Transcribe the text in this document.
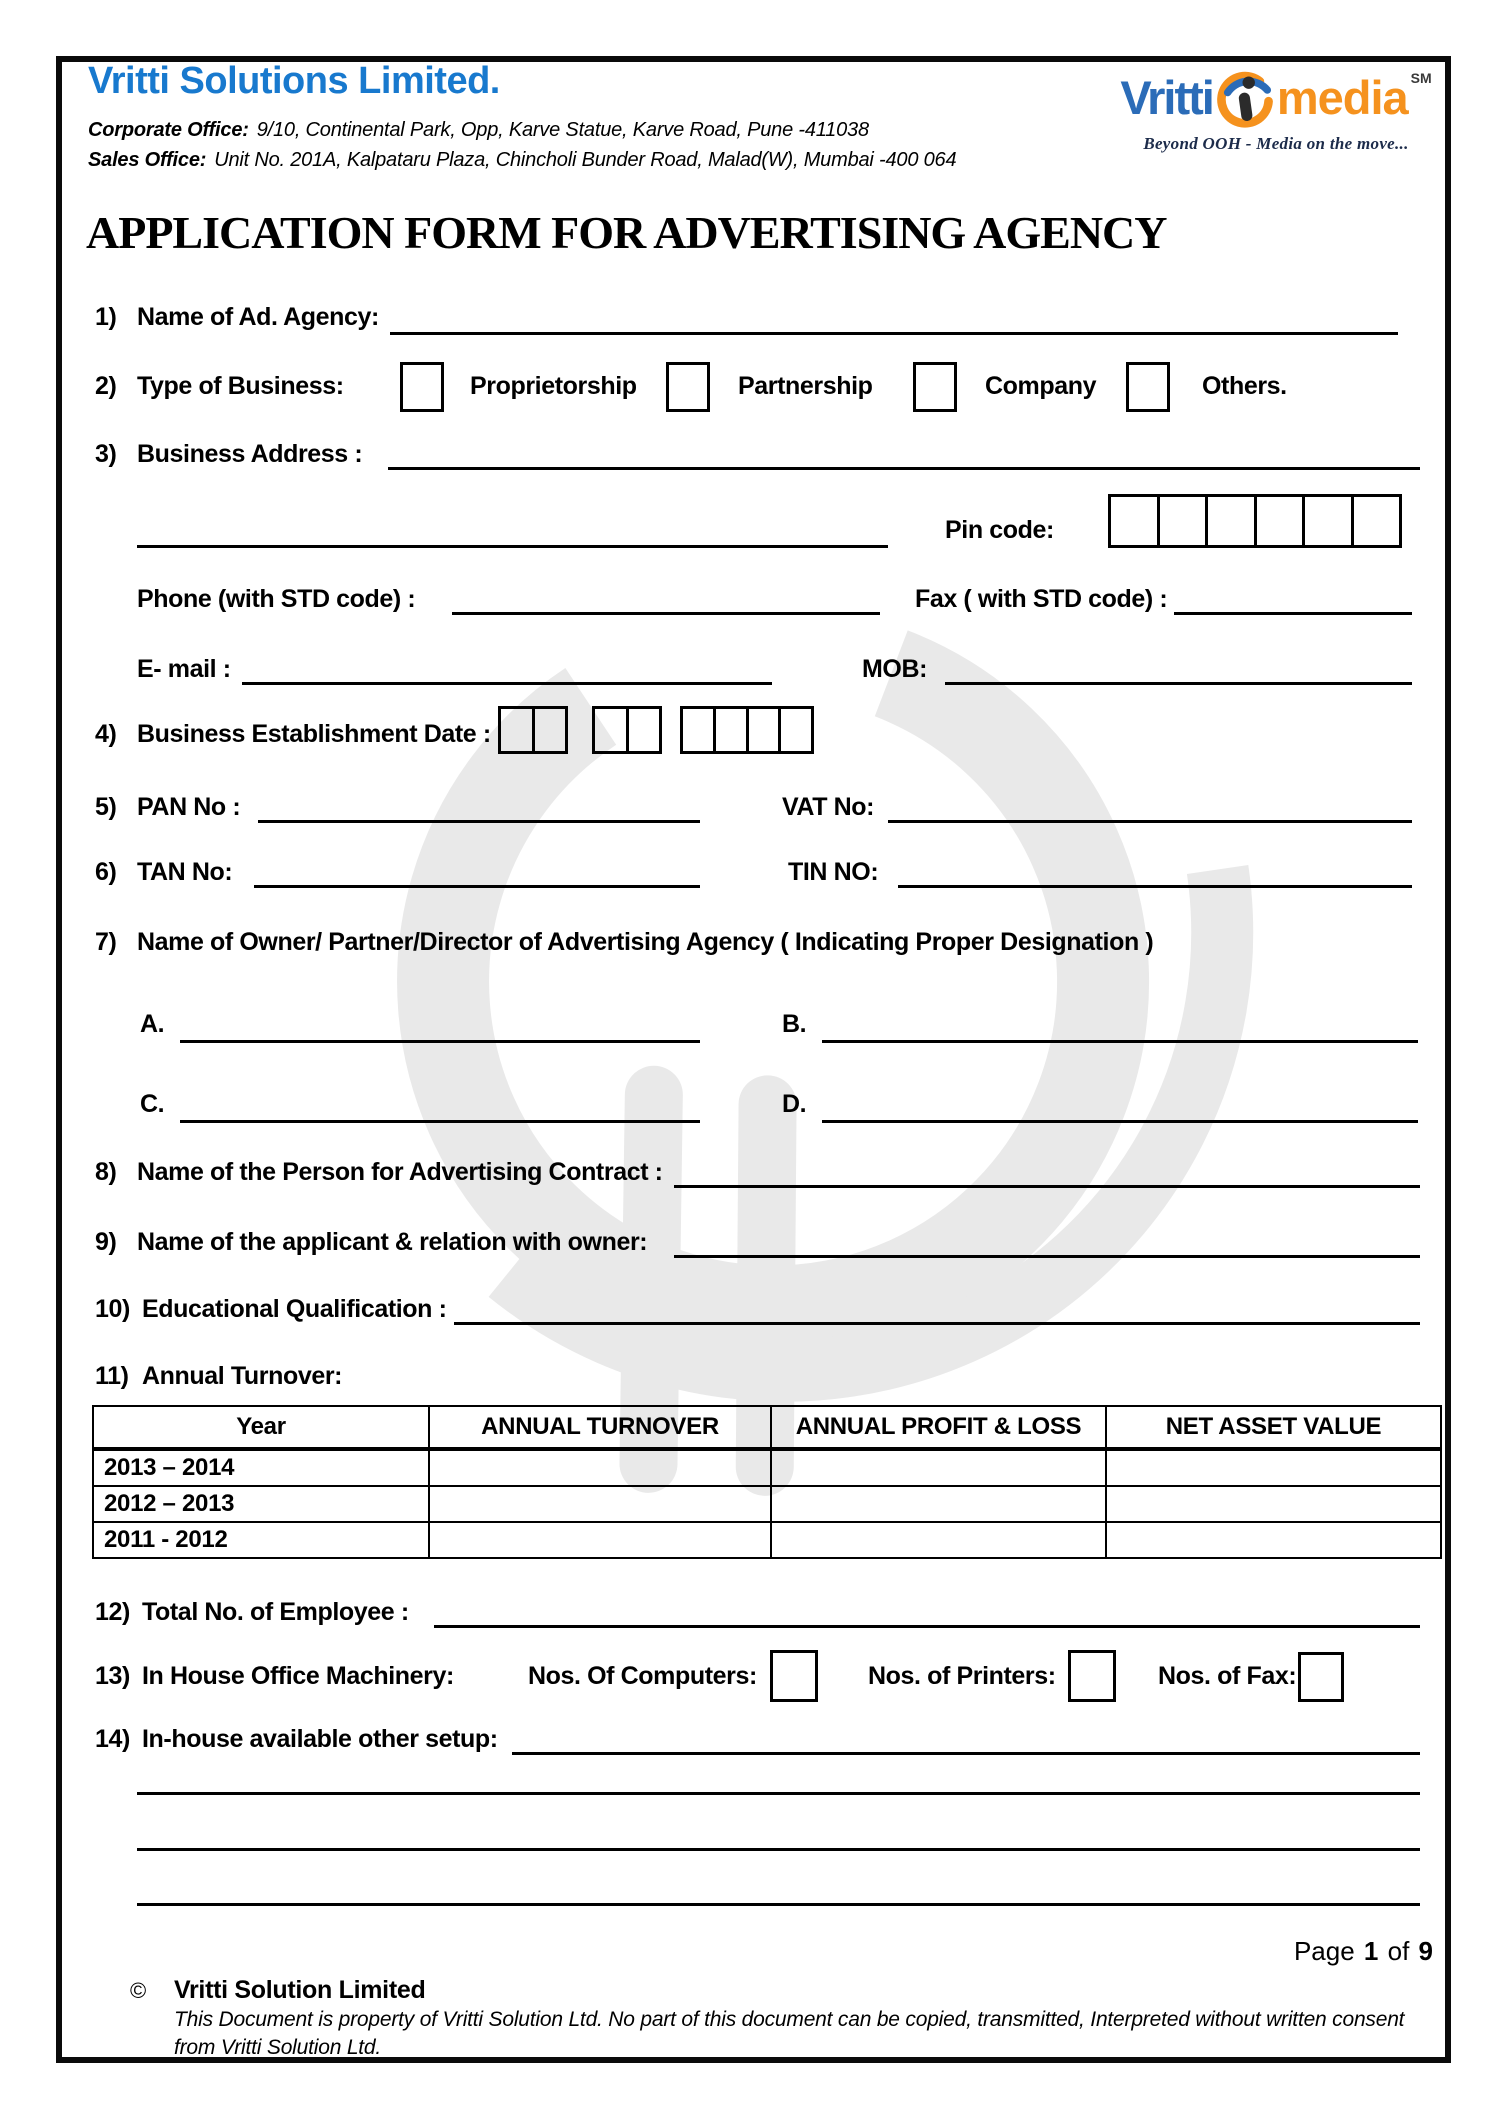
Vritti Solutions Limited.
Corporate Office: 9/10, Continental Park, Opp, Karve Statue, Karve Road, Pune -411038
Sales Office: Unit No. 201A, Kalpataru Plaza, Chincholi Bunder Road, Malad(W), Mumbai -400 064
Vritti media SM
Beyond OOH - Media on the move...
APPLICATION FORM FOR ADVERTISING AGENCY
1) Name of Ad. Agency:
2) Type of Business:	Proprietorship	Partnership	Company	Others.
3) Business Address :
Pin code:
Phone (with STD code) :	Fax ( with STD code) :
E- mail :	MOB:
4) Business Establishment Date :
5) PAN No :	VAT No:
6) TAN No:	TIN NO:
7) Name of Owner/ Partner/Director of Advertising Agency ( Indicating Proper Designation )
A.	B.
C.	D.
8) Name of the Person for Advertising Contract :
9) Name of the applicant & relation with owner:
10) Educational Qualification :
11) Annual Turnover:
Year	ANNUAL TURNOVER	ANNUAL PROFIT & LOSS	NET ASSET VALUE
2013 – 2014			
2012 – 2013			
2011 - 2012			
12) Total No. of Employee :
13) In House Office Machinery:	Nos. Of Computers:	Nos. of Printers:	Nos. of Fax:
14) In-house available other setup:
Page 1 of 9
© Vritti Solution Limited
This Document is property of Vritti Solution Ltd. No part of this document can be copied, transmitted, Interpreted without written consent from Vritti Solution Ltd.
